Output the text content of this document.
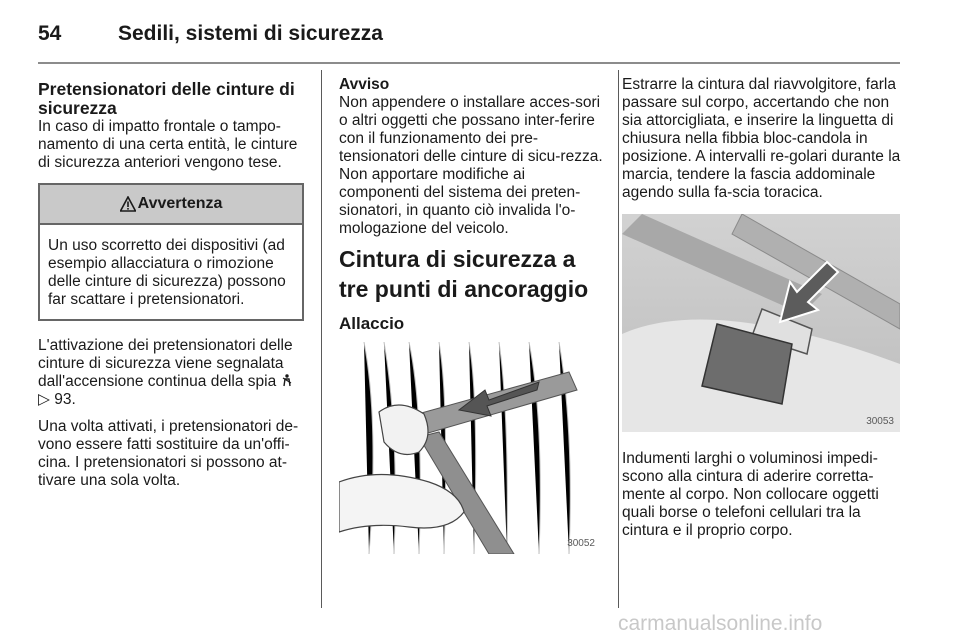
54	Sedili, sistemi di sicurezza
Pretensionatori delle cinture di sicurezza

In caso di impatto frontale o tampo-namento di una certa entità, le cinture di sicurezza anteriori vengono tese.

Avvertenza

Un uso scorretto dei dispositivi (ad esempio allacciatura o rimozione delle cinture di sicurezza) possono far scattare i pretensionatori.

L'attivazione dei pretensionatori delle cinture di sicurezza viene segnalata dall'accensione continua della spia
▷ 93.

Una volta attivati, i pretensionatori de-vono essere fatti sostituire da un'offi-cina. I pretensionatori si possono at-tivare una sola volta.

Avviso

Non appendere o installare acces-sori o altri oggetti che possano inter-ferire con il funzionamento dei pre-tensionatori delle cinture di sicu-rezza. Non apportare modifiche ai componenti del sistema dei preten-sionatori, in quanto ciò invalida l'o-mologazione del veicolo.

Cintura di sicurezza a tre punti di ancoraggio
Allaccio
30052

Estrarre la cintura dal riavvolgitore, farla passare sul corpo, accertando che non sia attorcigliata, e inserire la linguetta di chiusura nella fibbia bloc-candola in posizione. A intervalli re-golari durante la marcia, tendere la fascia addominale agendo sulla fa-scia toracica.

30053

Indumenti larghi o voluminosi impedi-scono alla cintura di aderire corretta-mente al corpo. Non collocare oggetti quali borse o telefoni cellulari tra la cintura e il proprio corpo.

carmanualsonline.info
